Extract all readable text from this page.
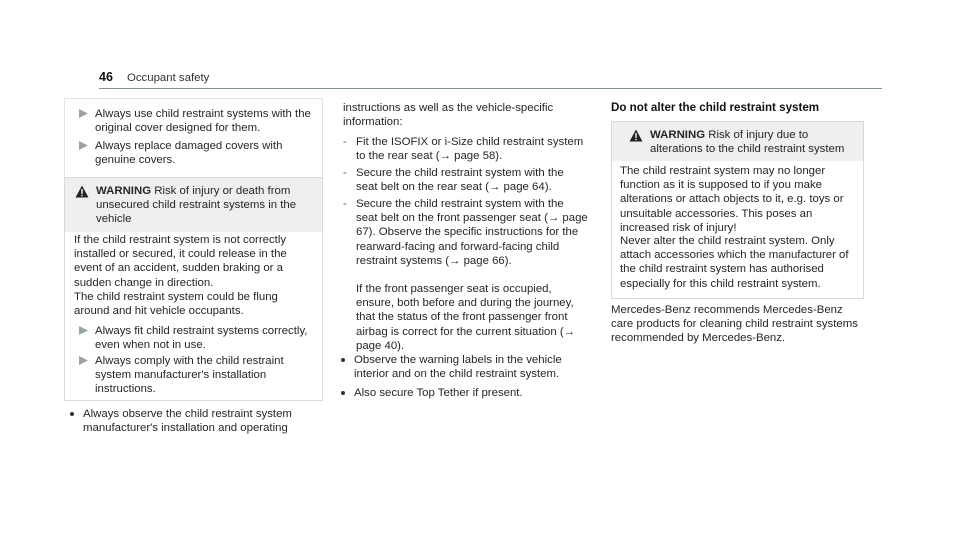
46 Occupant safety
Always use child restraint systems with the original cover designed for them.
Always replace damaged covers with genuine covers.
WARNING Risk of injury or death from unsecured child restraint systems in the vehicle
If the child restraint system is not correctly installed or secured, it could release in the event of an accident, sudden braking or a sudden change in direction.
The child restraint system could be flung around and hit vehicle occupants.
Always fit child restraint systems correctly, even when not in use.
Always comply with the child restraint system manufacturer's installation instructions.
Always observe the child restraint system manufacturer's installation and operating
instructions as well as the vehicle-specific information:
- Fit the ISOFIX or i-Size child restraint system to the rear seat (→ page 58).
- Secure the child restraint system with the seat belt on the rear seat (→ page 64).
- Secure the child restraint system with the seat belt on the front passenger seat (→ page 67). Observe the specific instructions for the rearward-facing and forward-facing child restraint systems (→ page 66).
If the front passenger seat is occupied, ensure, both before and during the journey, that the status of the front passenger front airbag is correct for the current situation (→ page 40).
Observe the warning labels in the vehicle interior and on the child restraint system.
Also secure Top Tether if present.
Do not alter the child restraint system
WARNING Risk of injury due to alterations to the child restraint system
The child restraint system may no longer function as it is supposed to if you make alterations or attach objects to it, e.g. toys or unsuitable accessories. This poses an increased risk of injury!
Never alter the child restraint system. Only attach accessories which the manufacturer of the child restraint system has authorised especially for this child restraint system.
Mercedes-Benz recommends Mercedes-Benz care products for cleaning child restraint systems recommended by Mercedes-Benz.
